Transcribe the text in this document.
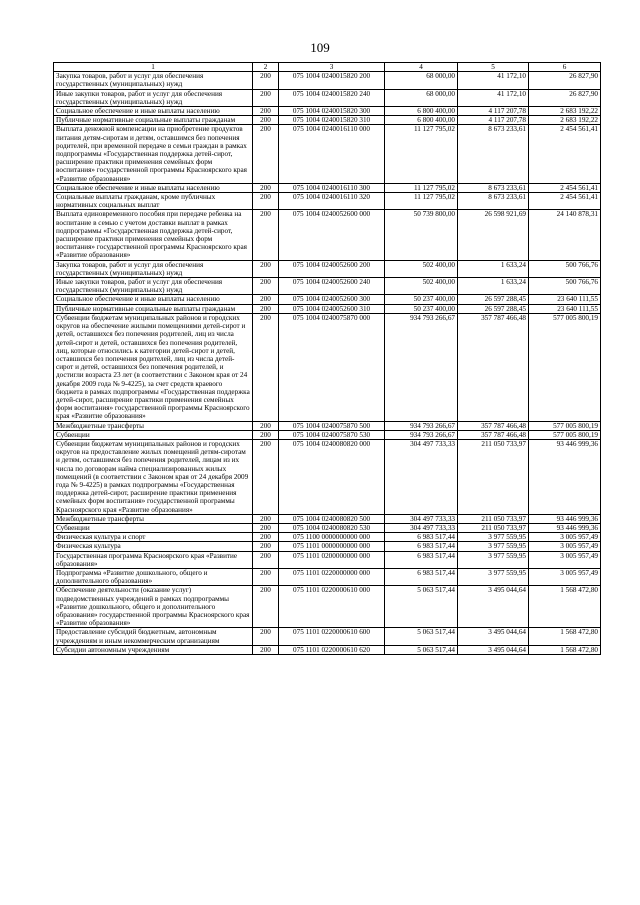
109
1	2	3	4	5	6
Закупка товаров, работ и услуг для обеспечения государственных (муниципальных) нужд	200	075 1004 0240015820 200	68 000,00	41 172,10	26 827,90
Иные закупки товаров, работ и услуг для обеспечения государственных (муниципальных) нужд	200	075 1004 0240015820 240	68 000,00	41 172,10	26 827,90
Социальное обеспечение и иные выплаты населению	200	075 1004 0240015820 300	6 800 400,00	4 117 207,78	2 683 192,22
Публичные нормативные социальные выплаты гражданам	200	075 1004 0240015820 310	6 800 400,00	4 117 207,78	2 683 192,22
Выплата денежной компенсации на приобретение продуктов питания детям-сиротам и детям, оставшимся без попечения родителей, при временной передаче в семьи граждан в рамках подпрограммы «Государственная поддержка детей-сирот, расширение практики применения семейных форм воспитания» государственной программы Красноярского края «Развитие образования»	200	075 1004 0240016110 000	11 127 795,02	8 673 233,61	2 454 561,41
Социальное обеспечение и иные выплаты населению	200	075 1004 0240016110 300	11 127 795,02	8 673 233,61	2 454 561,41
Социальные выплаты гражданам, кроме публичных нормативных социальных выплат	200	075 1004 0240016110 320	11 127 795,02	8 673 233,61	2 454 561,41
Выплата единовременного пособия при передаче ребенка на воспитание в семью с учетом доставки выплат в рамках подпрограммы «Государственная поддержка детей-сирот, расширение практики применения семейных форм воспитания» государственной программы Красноярского края «Развитие образования»	200	075 1004 0240052600 000	50 739 800,00	26 598 921,69	24 140 878,31
Закупка товаров, работ и услуг для обеспечения государственных (муниципальных) нужд	200	075 1004 0240052600 200	502 400,00	1 633,24	500 766,76
Иные закупки товаров, работ и услуг для обеспечения государственных (муниципальных) нужд	200	075 1004 0240052600 240	502 400,00	1 633,24	500 766,76
Социальное обеспечение и иные выплаты населению	200	075 1004 0240052600 300	50 237 400,00	26 597 288,45	23 640 111,55
Публичные нормативные социальные выплаты гражданам	200	075 1004 0240052600 310	50 237 400,00	26 597 288,45	23 640 111,55
Субвенции бюджетам муниципальных районов и городских округов на обеспечение жилыми помещениями детей-сирот и детей, оставшихся без попечения родителей, лиц из числа детей-сирот и детей, оставшихся без попечения родителей, лиц, которые относились к категории детей-сирот и детей, оставшихся без попечения родителей, лиц из числа детей-сирот и детей, оставшихся без попечения родителей, и достигли возраста 23 лет (в соответствии с Законом края от 24 декабря 2009 года № 9-4225), за счет средств краевого бюджета в рамках подпрограммы «Государственная поддержка детей-сирот, расширение практики применения семейных форм воспитания» государственной программы Красноярского края «Развитие образования»	200	075 1004 0240075870 000	934 793 266,67	357 787 466,48	577 005 800,19
Межбюджетные трансферты	200	075 1004 0240075870 500	934 793 266,67	357 787 466,48	577 005 800,19
Субвенции	200	075 1004 0240075870 530	934 793 266,67	357 787 466,48	577 005 800,19
Субвенции бюджетам муниципальных районов и городских округов на предоставление жилых помещений детям-сиротам и детям, оставшимся без попечения родителей, лицам из их числа по договорам найма специализированных жилых помещений (в соответствии с Законом края от 24 декабря 2009 года № 9-4225) в рамках подпрограммы «Государственная поддержка детей-сирот, расширение практики применения семейных форм воспитания» государственной программы Красноярского края «Развитие образования»	200	075 1004 0240080820 000	304 497 733,33	211 050 733,97	93 446 999,36
Межбюджетные трансферты	200	075 1004 0240080820 500	304 497 733,33	211 050 733,97	93 446 999,36
Субвенции	200	075 1004 0240080820 530	304 497 733,33	211 050 733,97	93 446 999,36
Физическая культура и спорт	200	075 1100 0000000000 000	6 983 517,44	3 977 559,95	3 005 957,49
Физическая культура	200	075 1101 0000000000 000	6 983 517,44	3 977 559,95	3 005 957,49
Государственная программа Красноярского края «Развитие образования»	200	075 1101 0200000000 000	6 983 517,44	3 977 559,95	3 005 957,49
Подпрограмма «Развитие дошкольного, общего и дополнительного образования»	200	075 1101 0220000000 000	6 983 517,44	3 977 559,95	3 005 957,49
Обеспечение деятельности (оказание услуг) подведомственных учреждений в рамках подпрограммы «Развитие дошкольного, общего и дополнительного образования» государственной программы Красноярского края «Развитие образования»	200	075 1101 0220000610 000	5 063 517,44	3 495 044,64	1 568 472,80
Предоставление субсидий бюджетным, автономным учреждениям и иным некоммерческим организациям	200	075 1101 0220000610 600	5 063 517,44	3 495 044,64	1 568 472,80
Субсидии автономным учреждениям	200	075 1101 0220000610 620	5 063 517,44	3 495 044,64	1 568 472,80
